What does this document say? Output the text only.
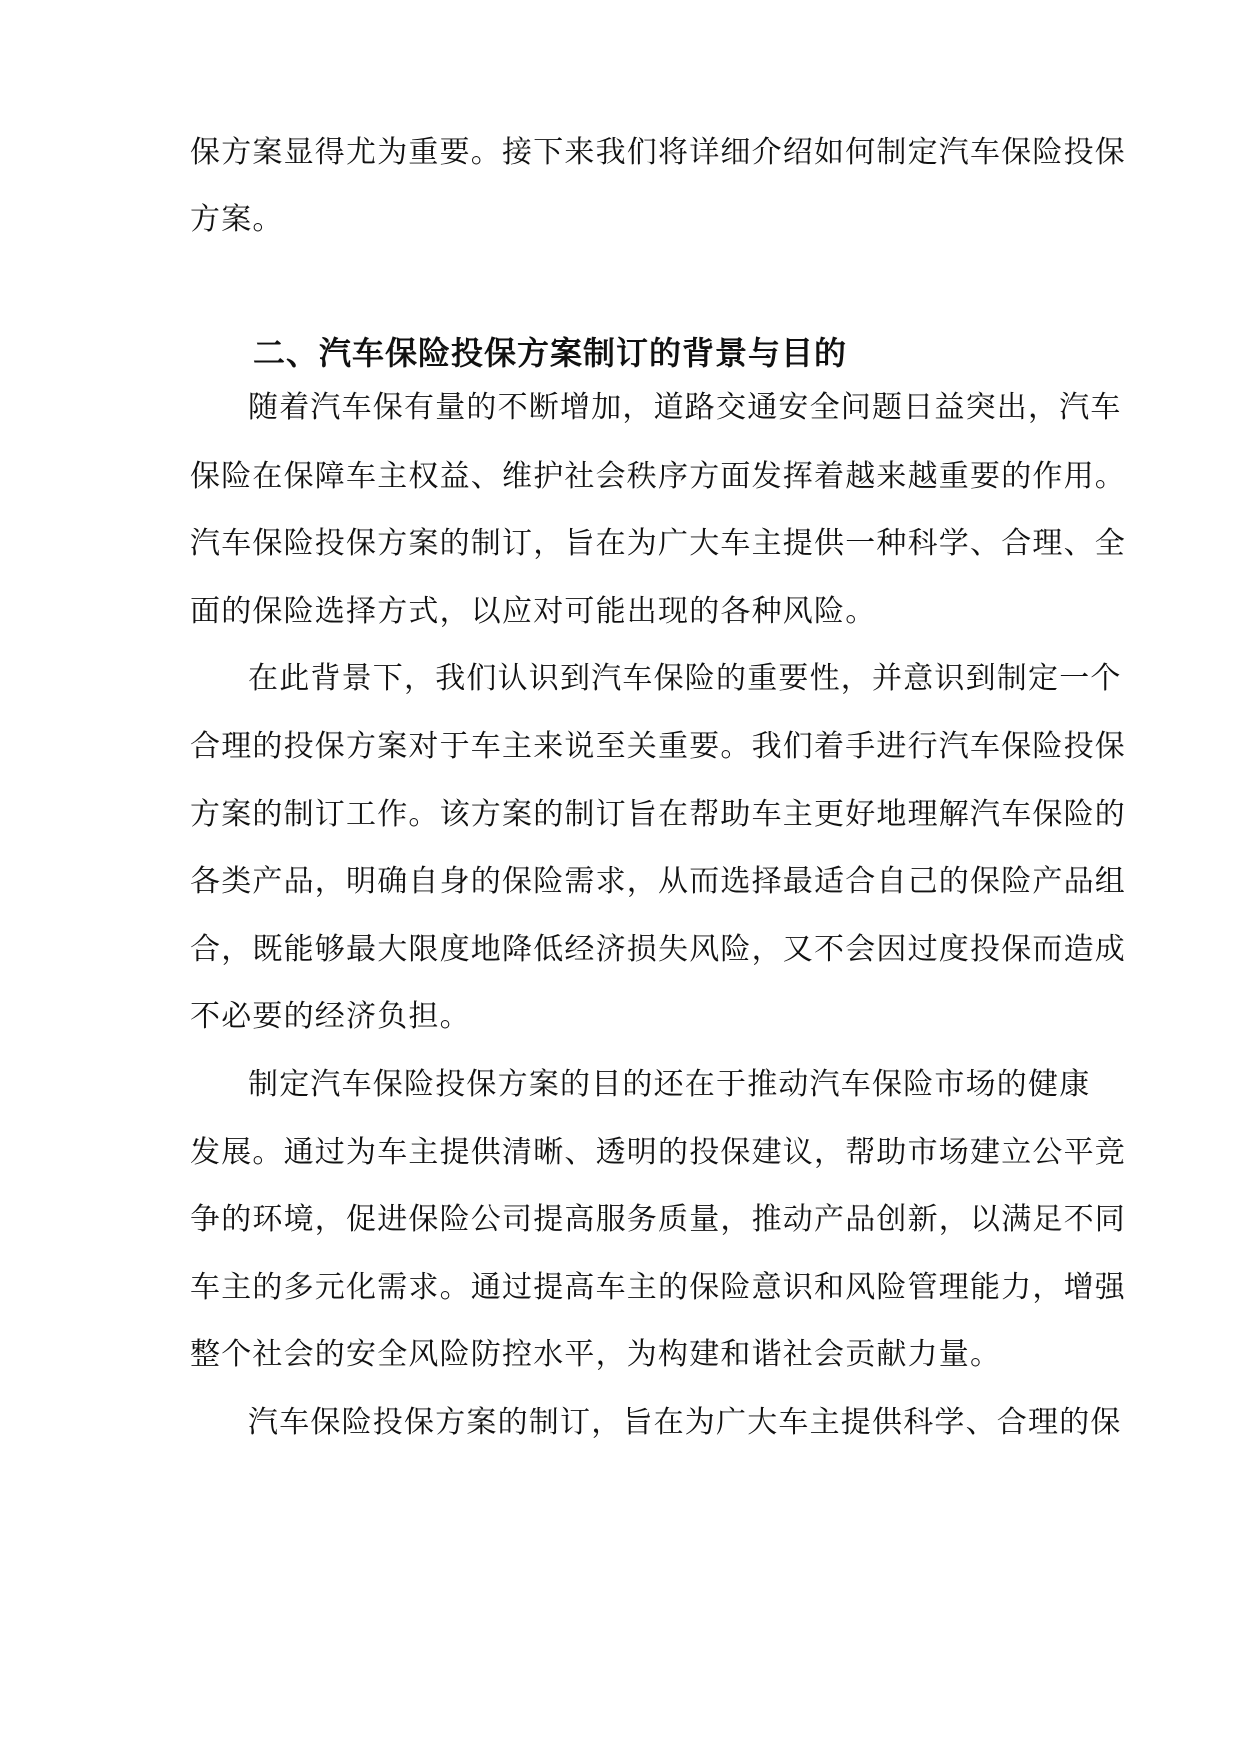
保方案显得尤为重要。接下来我们将详细介绍如何制定汽车保险投保

方案。

二、汽车保险投保方案制订的背景与目的

随着汽车保有量的不断增加，道路交通安全问题日益突出，汽车

保险在保障车主权益、维护社会秩序方面发挥着越来越重要的作用。

汽车保险投保方案的制订，旨在为广大车主提供一种科学、合理、全

面的保险选择方式，以应对可能出现的各种风险。

在此背景下，我们认识到汽车保险的重要性，并意识到制定一个

合理的投保方案对于车主来说至关重要。我们着手进行汽车保险投保

方案的制订工作。该方案的制订旨在帮助车主更好地理解汽车保险的

各类产品，明确自身的保险需求，从而选择最适合自己的保险产品组

合，既能够最大限度地降低经济损失风险，又不会因过度投保而造成

不必要的经济负担。

制定汽车保险投保方案的目的还在于推动汽车保险市场的健康

发展。通过为车主提供清晰、透明的投保建议，帮助市场建立公平竞

争的环境，促进保险公司提高服务质量，推动产品创新，以满足不同

车主的多元化需求。通过提高车主的保险意识和风险管理能力，增强

整个社会的安全风险防控水平，为构建和谐社会贡献力量。

汽车保险投保方案的制订，旨在为广大车主提供科学、合理的保
